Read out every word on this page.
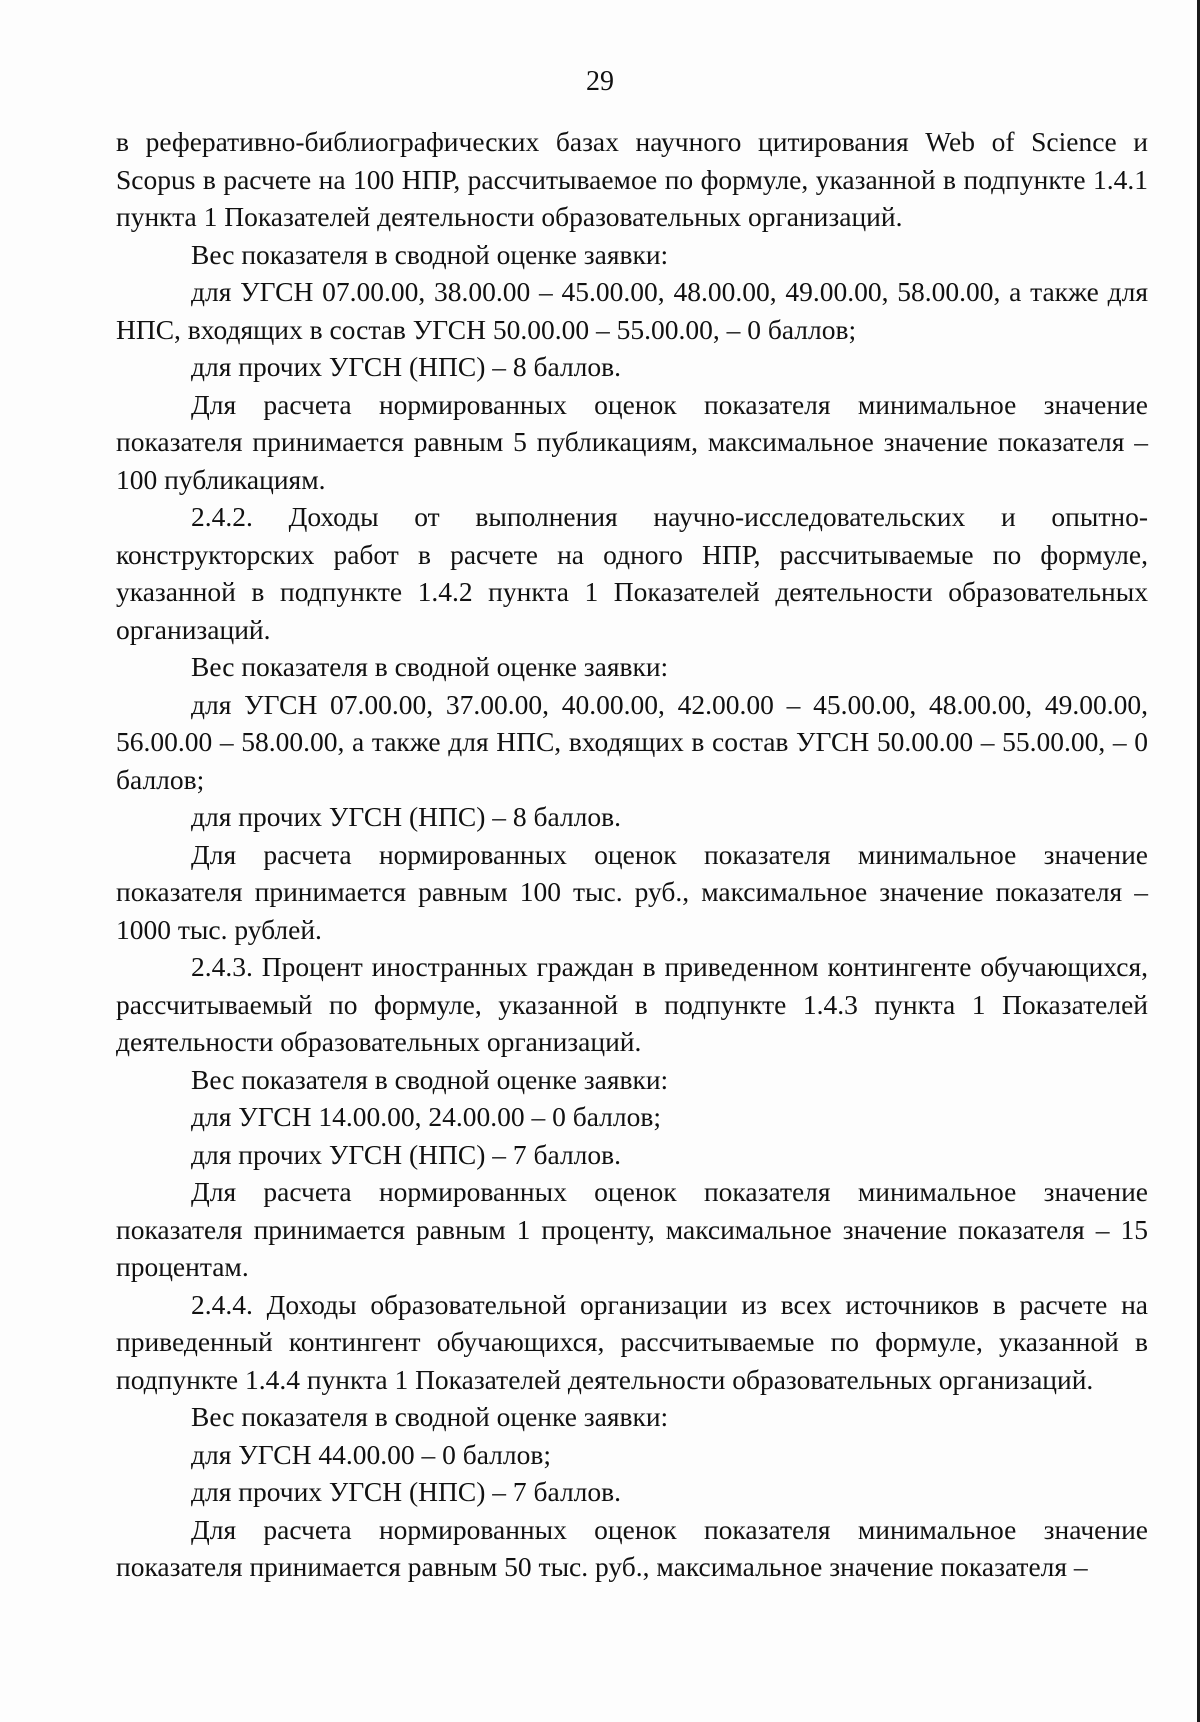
29

в реферативно-библиографических базах научного цитирования Web of Science и Scopus в расчете на 100 НПР, рассчитываемое по формуле, указанной в подпункте 1.4.1 пункта 1 Показателей деятельности образовательных организаций.

Вес показателя в сводной оценке заявки:

для УГСН 07.00.00, 38.00.00 – 45.00.00, 48.00.00, 49.00.00, 58.00.00, а также для НПС, входящих в состав УГСН 50.00.00 – 55.00.00, – 0 баллов;

для прочих УГСН (НПС) – 8 баллов.

Для расчета нормированных оценок показателя минимальное значение показателя принимается равным 5 публикациям, максимальное значение показателя – 100 публикациям.

2.4.2. Доходы от выполнения научно-исследовательских и опытно-конструкторских работ в расчете на одного НПР, рассчитываемые по формуле, указанной в подпункте 1.4.2 пункта 1 Показателей деятельности образовательных организаций.

Вес показателя в сводной оценке заявки:

для УГСН 07.00.00, 37.00.00, 40.00.00, 42.00.00 – 45.00.00, 48.00.00, 49.00.00, 56.00.00 – 58.00.00, а также для НПС, входящих в состав УГСН 50.00.00 – 55.00.00, – 0 баллов;

для прочих УГСН (НПС) – 8 баллов.

Для расчета нормированных оценок показателя минимальное значение показателя принимается равным 100 тыс. руб., максимальное значение показателя – 1000 тыс. рублей.

2.4.3. Процент иностранных граждан в приведенном контингенте обучающихся, рассчитываемый по формуле, указанной в подпункте 1.4.3 пункта 1 Показателей деятельности образовательных организаций.

Вес показателя в сводной оценке заявки:

для УГСН 14.00.00, 24.00.00 – 0 баллов;

для прочих УГСН (НПС) – 7 баллов.

Для расчета нормированных оценок показателя минимальное значение показателя принимается равным 1 проценту, максимальное значение показателя – 15 процентам.

2.4.4. Доходы образовательной организации из всех источников в расчете на приведенный контингент обучающихся, рассчитываемые по формуле, указанной в подпункте 1.4.4 пункта 1 Показателей деятельности образовательных организаций.

Вес показателя в сводной оценке заявки:

для УГСН 44.00.00 – 0 баллов;

для прочих УГСН (НПС) – 7 баллов.

Для расчета нормированных оценок показателя минимальное значение показателя принимается равным 50 тыс. руб., максимальное значение показателя –
